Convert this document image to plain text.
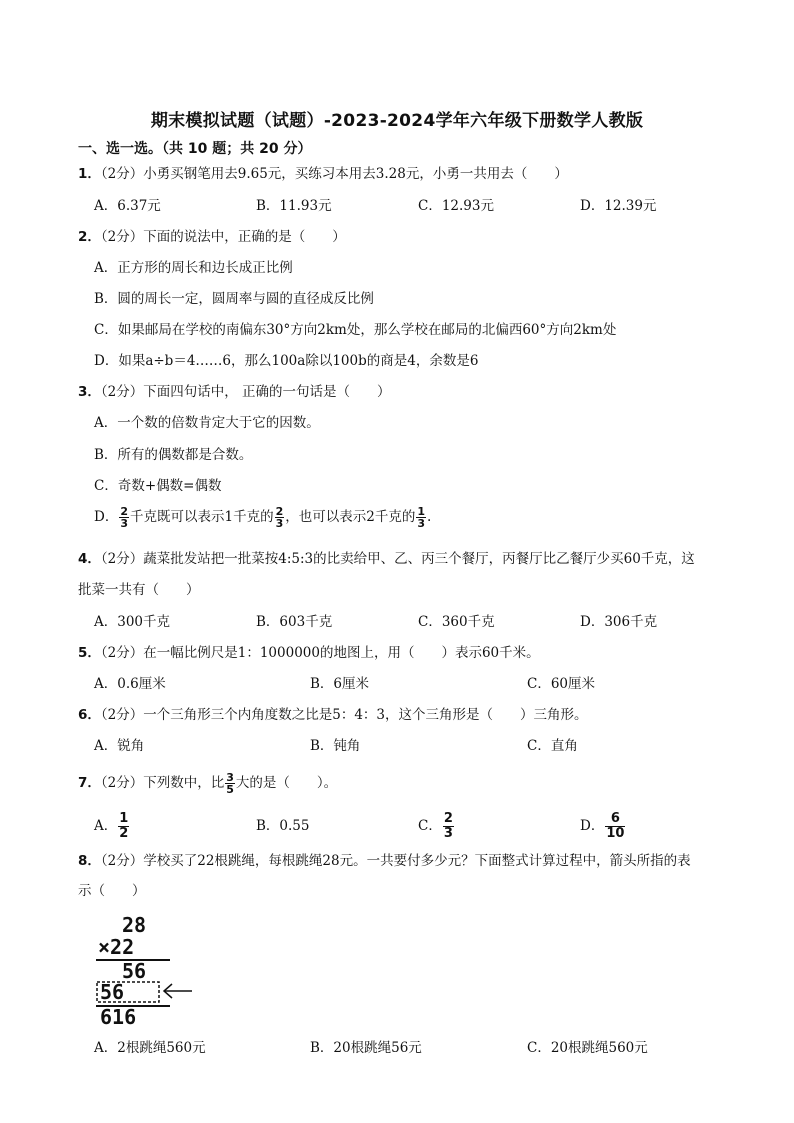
期末模拟试题（试题）-2023-2024学年六年级下册数学人教版
一、选一选。（共 10 题；共 20 分）
1．（2分）小勇买钢笔用去9.65元，买练习本用去3.28元，小勇一共用去（　　）
A．6.37元	B．11.93元	C．12.93元	D．12.39元
2．（2分）下面的说法中，正确的是（　　）
A．正方形的周长和边长成正比例
B．圆的周长一定，圆周率与圆的直径成反比例
C．如果邮局在学校的南偏东30°方向2km处，那么学校在邮局的北偏西60°方向2km处
D．如果a÷b＝4……6，那么100a除以100b的商是4，余数是6
3．（2分）下面四句话中， 正确的一句话是（　　）
A．一个数的倍数肯定大于它的因数。
B．所有的偶数都是合数。
C．奇数+偶数=偶数
D． $\frac{2}{3}$ 千克既可以表示1千克的 $\frac{2}{3}$ ，也可以表示2千克的 $\frac{1}{3}$ .
4．（2分）蔬菜批发站把一批菜按4:5:3的比卖给甲、乙、丙三个餐厅，丙餐厅比乙餐厅少买60千克，这
批菜一共有（　　）
A．300千克	B．603千克	C．360千克	D．306千克
5．（2分）在一幅比例尺是1：1000000的地图上，用（　　）表示60千米。
A．0.6厘米	B．6厘米	C．60厘米
6．（2分）一个三角形三个内角度数之比是5：4：3，这个三角形是（　　）三角形。
A．锐角	B．钝角	C．直角
7．（2分）下列数中，比 $\frac{3}{5}$ 大的是（　　）。
A． $\frac{1}{2}$	B．0.55	C． $\frac{2}{3}$	D． $\frac{6}{10}$
8．（2分）学校买了22根跳绳，每根跳绳28元。一共要付多少元？下面整式计算过程中，箭头所指的表
示（　　）
28
×22
56
56
616
A．2根跳绳560元	B．20根跳绳56元	C．20根跳绳560元
